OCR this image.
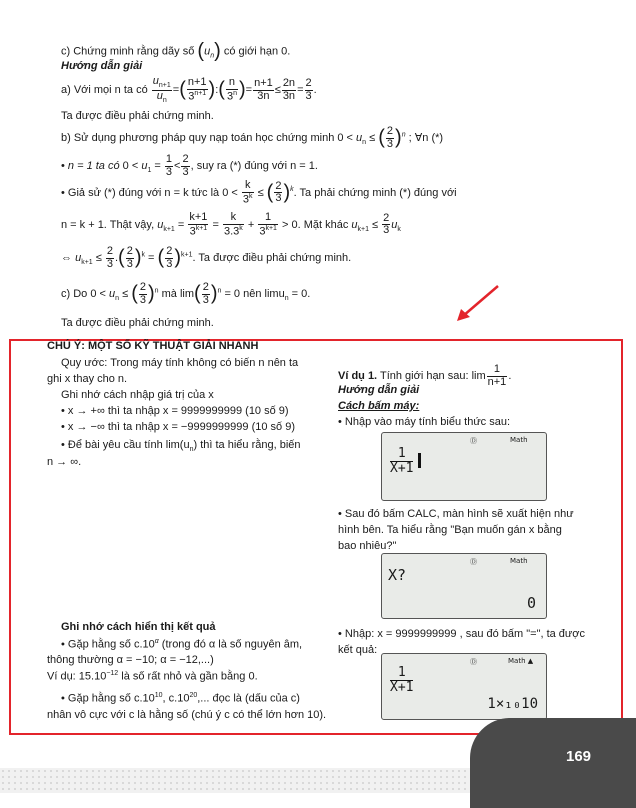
c) Chứng minh rằng dãy số $(u_n)$ có giới hạn 0.
Hướng dẫn giải
a) Với mọi n ta có $\frac{u_{n+1}}{u_n}$ =( $\frac{n+1}{3^{n+1}}$ ):( $\frac{n}{3^n}$ )= $\frac{n+1}{3n} \le \frac{2n}{3n} = \frac{2}{3}$ .
Ta được điều phải chứng minh.
b) Sử dụng phương pháp quy nạp toán học chứng minh $0 < u_n$ ≤ ( $\frac{2}{3} )^n$ ; ∀n (*)
• n = 1 ta có $0 < u_1 = \frac{1}{3} < \frac{2}{3}$ , suy ra (*) đúng với n = 1.
• Giả sử (*) đúng với n = k tức là $0 < \frac{k}{3^k}$ ≤ ( $\frac{2}{3} )^k$. Ta phải chứng minh (*) đúng với
n = k + 1. Thật vậy, $u_{k+1} = \frac{k+1}{3^{k+1}} = \frac{k}{3.3^k} + \frac{1}{3^{k+1}} > 0$. Mặt khác $u_{k+1} \le \frac{2}{3} u_k$
⇔ $u_{k+1} \le \frac{2}{3}$ .( $\frac{2}{3} )^k$ = ( $\frac{2}{3} )^{k+1}$. Ta được điều phải chứng minh.
c) Do $0 < u_n$ ≤ ( $\frac{2}{3} )^n$ mà $\lim( \frac{2}{3} )^n = 0$ nên limu$_n$ = 0.
Ta được điều phải chứng minh.
CHÚ Ý: MỘT SỐ KỸ THUẬT GIẢI NHANH
Quy ước: Trong máy tính không có biến n nên ta
ghi x thay cho n.
Ghi nhớ cách nhập giá trị của x
• x → +∞ thì ta nhập x = 9999999999 (10 số 9)
• x → −∞ thì ta nhập x = −9999999999 (10 số 9)
• Để bài yêu cầu tính $\lim(u_n)$ thì ta hiểu rằng, biến
n → ∞.
Ghi nhớ cách hiển thị kết quả
• Gặp hằng số $c.10^\alpha$ (trong đó α là số nguyên âm,
thông thường α = −10; α = −12,...)
Ví dụ: $15.10^{-12}$ là số rất nhỏ và gần bằng 0.
• Gặp hằng số $c.10^{10}$, $c.10^{20}$,... đọc là (dấu của c)
nhân vô cực với c là hằng số (chú ý c có thể lớn hơn 10).
Ví dụ 1. Tính giới hạn sau: $\lim \frac{1}{n+1}$ .
Hướng dẫn giải
Cách bấm máy:
• Nhập vào máy tính biểu thức sau:
Ⓓ	Math
1
X+1
• Sau đó bấm CALC, màn hình sẽ xuất hiện như
hình bên. Ta hiểu rằng "Bạn muốn gán x bằng
bao nhiêu?"
Ⓓ	Math
X?
0
• Nhập: x = 9999999999 , sau đó bấm "=", ta được
kết quả:
Ⓓ	Math ▲
1
X+1
1×₁₀10
169
